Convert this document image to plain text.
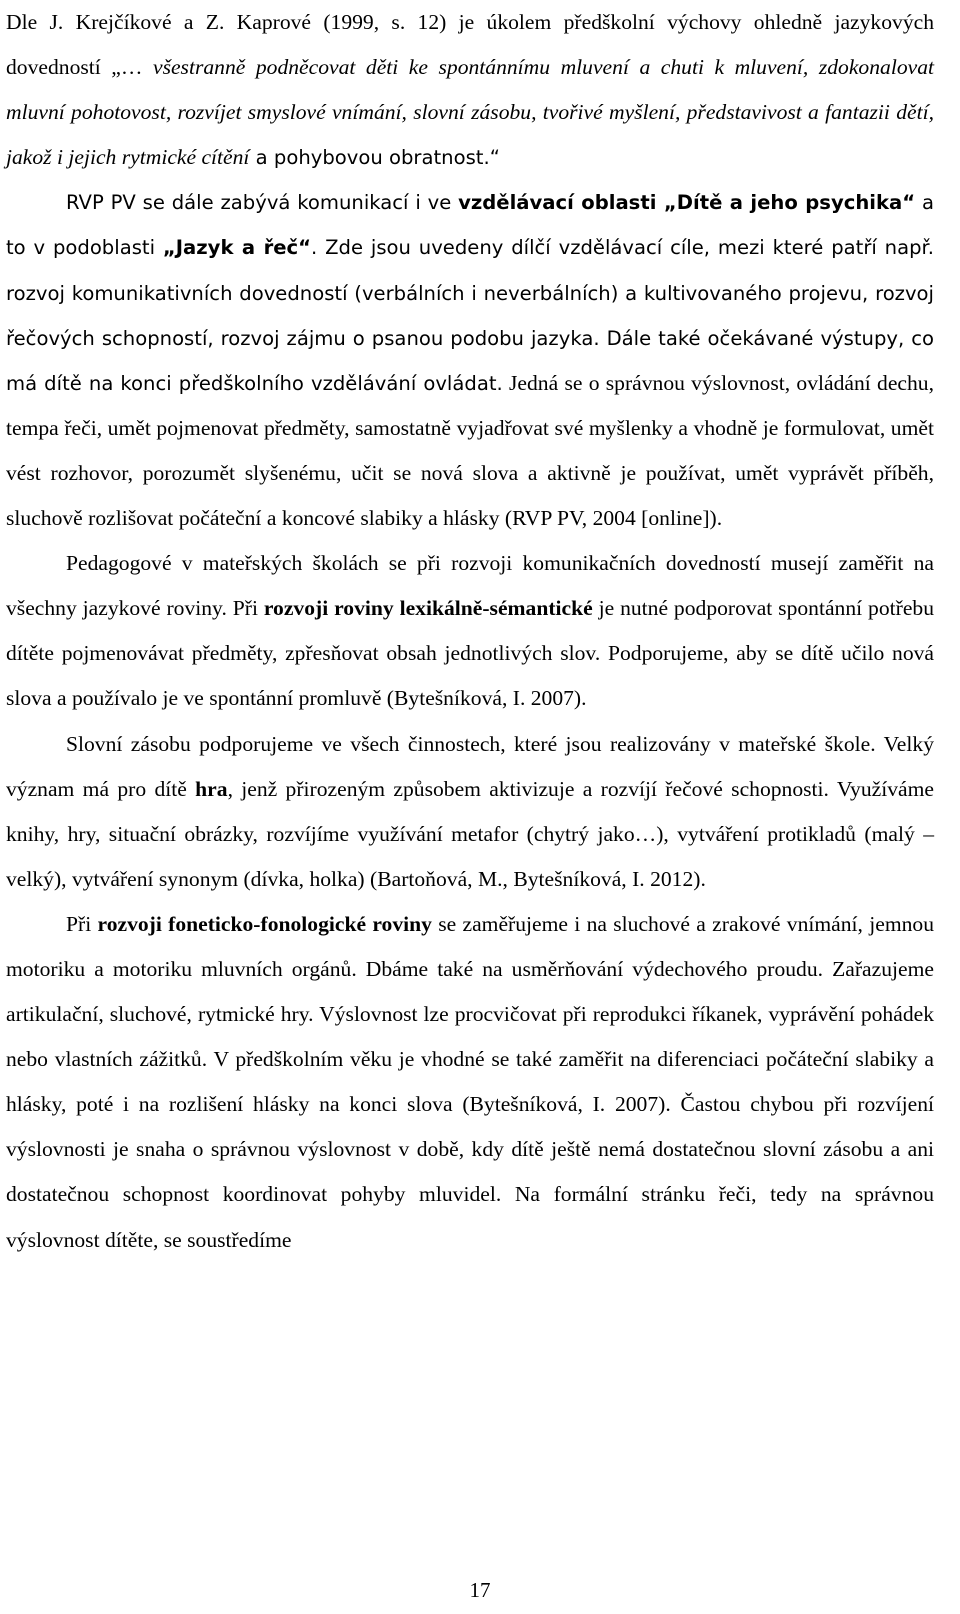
Dle J. Krejčíkové a Z. Kaprové (1999, s. 12) je úkolem předškolní výchovy ohledně jazykových dovedností „… všestranně podněcovat děti ke spontánnímu mluvení a chuti k mluvení, zdokonalovat mluvní pohotovost, rozvíjet smyslové vnímání, slovní zásobu, tvořivé myšlení, představivost a fantazii dětí, jakož i jejich rytmické cítění a pohybovou obratnost.“

RVP PV se dále zabývá komunikací i ve vzdělávací oblasti „Dítě a jeho psychika“ a to v podoblasti „Jazyk a řeč“. Zde jsou uvedeny dílčí vzdělávací cíle, mezi které patří např. rozvoj komunikativních dovedností (verbálních i neverbálních) a kultivovaného projevu, rozvoj řečových schopností, rozvoj zájmu o psanou podobu jazyka. Dále také očekávané výstupy, co má dítě na konci předškolního vzdělávání ovládat. Jedná se o správnou výslovnost, ovládání dechu, tempa řeči, umět pojmenovat předměty, samostatně vyjadřovat své myšlenky a vhodně je formulovat, umět vést rozhovor, porozumět slyšenému, učit se nová slova a aktivně je používat, umět vyprávět příběh, sluchově rozlišovat počáteční a koncové slabiky a hlásky (RVP PV, 2004 [online]).

Pedagogové v mateřských školách se při rozvoji komunikačních dovedností musejí zaměřit na všechny jazykové roviny. Při rozvoji roviny lexikálně-sémantické je nutné podporovat spontánní potřebu dítěte pojmenovávat předměty, zpřesňovat obsah jednotlivých slov. Podporujeme, aby se dítě učilo nová slova a používalo je ve spontánní promluvě (Bytešníková, I. 2007).

Slovní zásobu podporujeme ve všech činnostech, které jsou realizovány v mateřské škole. Velký význam má pro dítě hra, jenž přirozeným způsobem aktivizuje a rozvíjí řečové schopnosti. Využíváme knihy, hry, situační obrázky, rozvíjíme využívání metafor (chytrý jako…), vytváření protikladů (malý – velký), vytváření synonym (dívka, holka) (Bartoňová, M., Bytešníková, I. 2012).

Při rozvoji foneticko-fonologické roviny se zaměřujeme i na sluchové a zrakové vnímání, jemnou motoriku a motoriku mluvních orgánů. Dbáme také na usměrňování výdechového proudu. Zařazujeme artikulační, sluchové, rytmické hry. Výslovnost lze procvičovat při reprodukci říkanek, vyprávění pohádek nebo vlastních zážitků. V předškolním věku je vhodné se také zaměřit na diferenciaci počáteční slabiky a hlásky, poté i na rozlišení hlásky na konci slova (Bytešníková, I. 2007). Častou chybou při rozvíjení výslovnosti je snaha o správnou výslovnost v době, kdy dítě ještě nemá dostatečnou slovní zásobu a ani dostatečnou schopnost koordinovat pohyby mluvidel. Na formální stránku řeči, tedy na správnou výslovnost dítěte, se soustředíme

17
